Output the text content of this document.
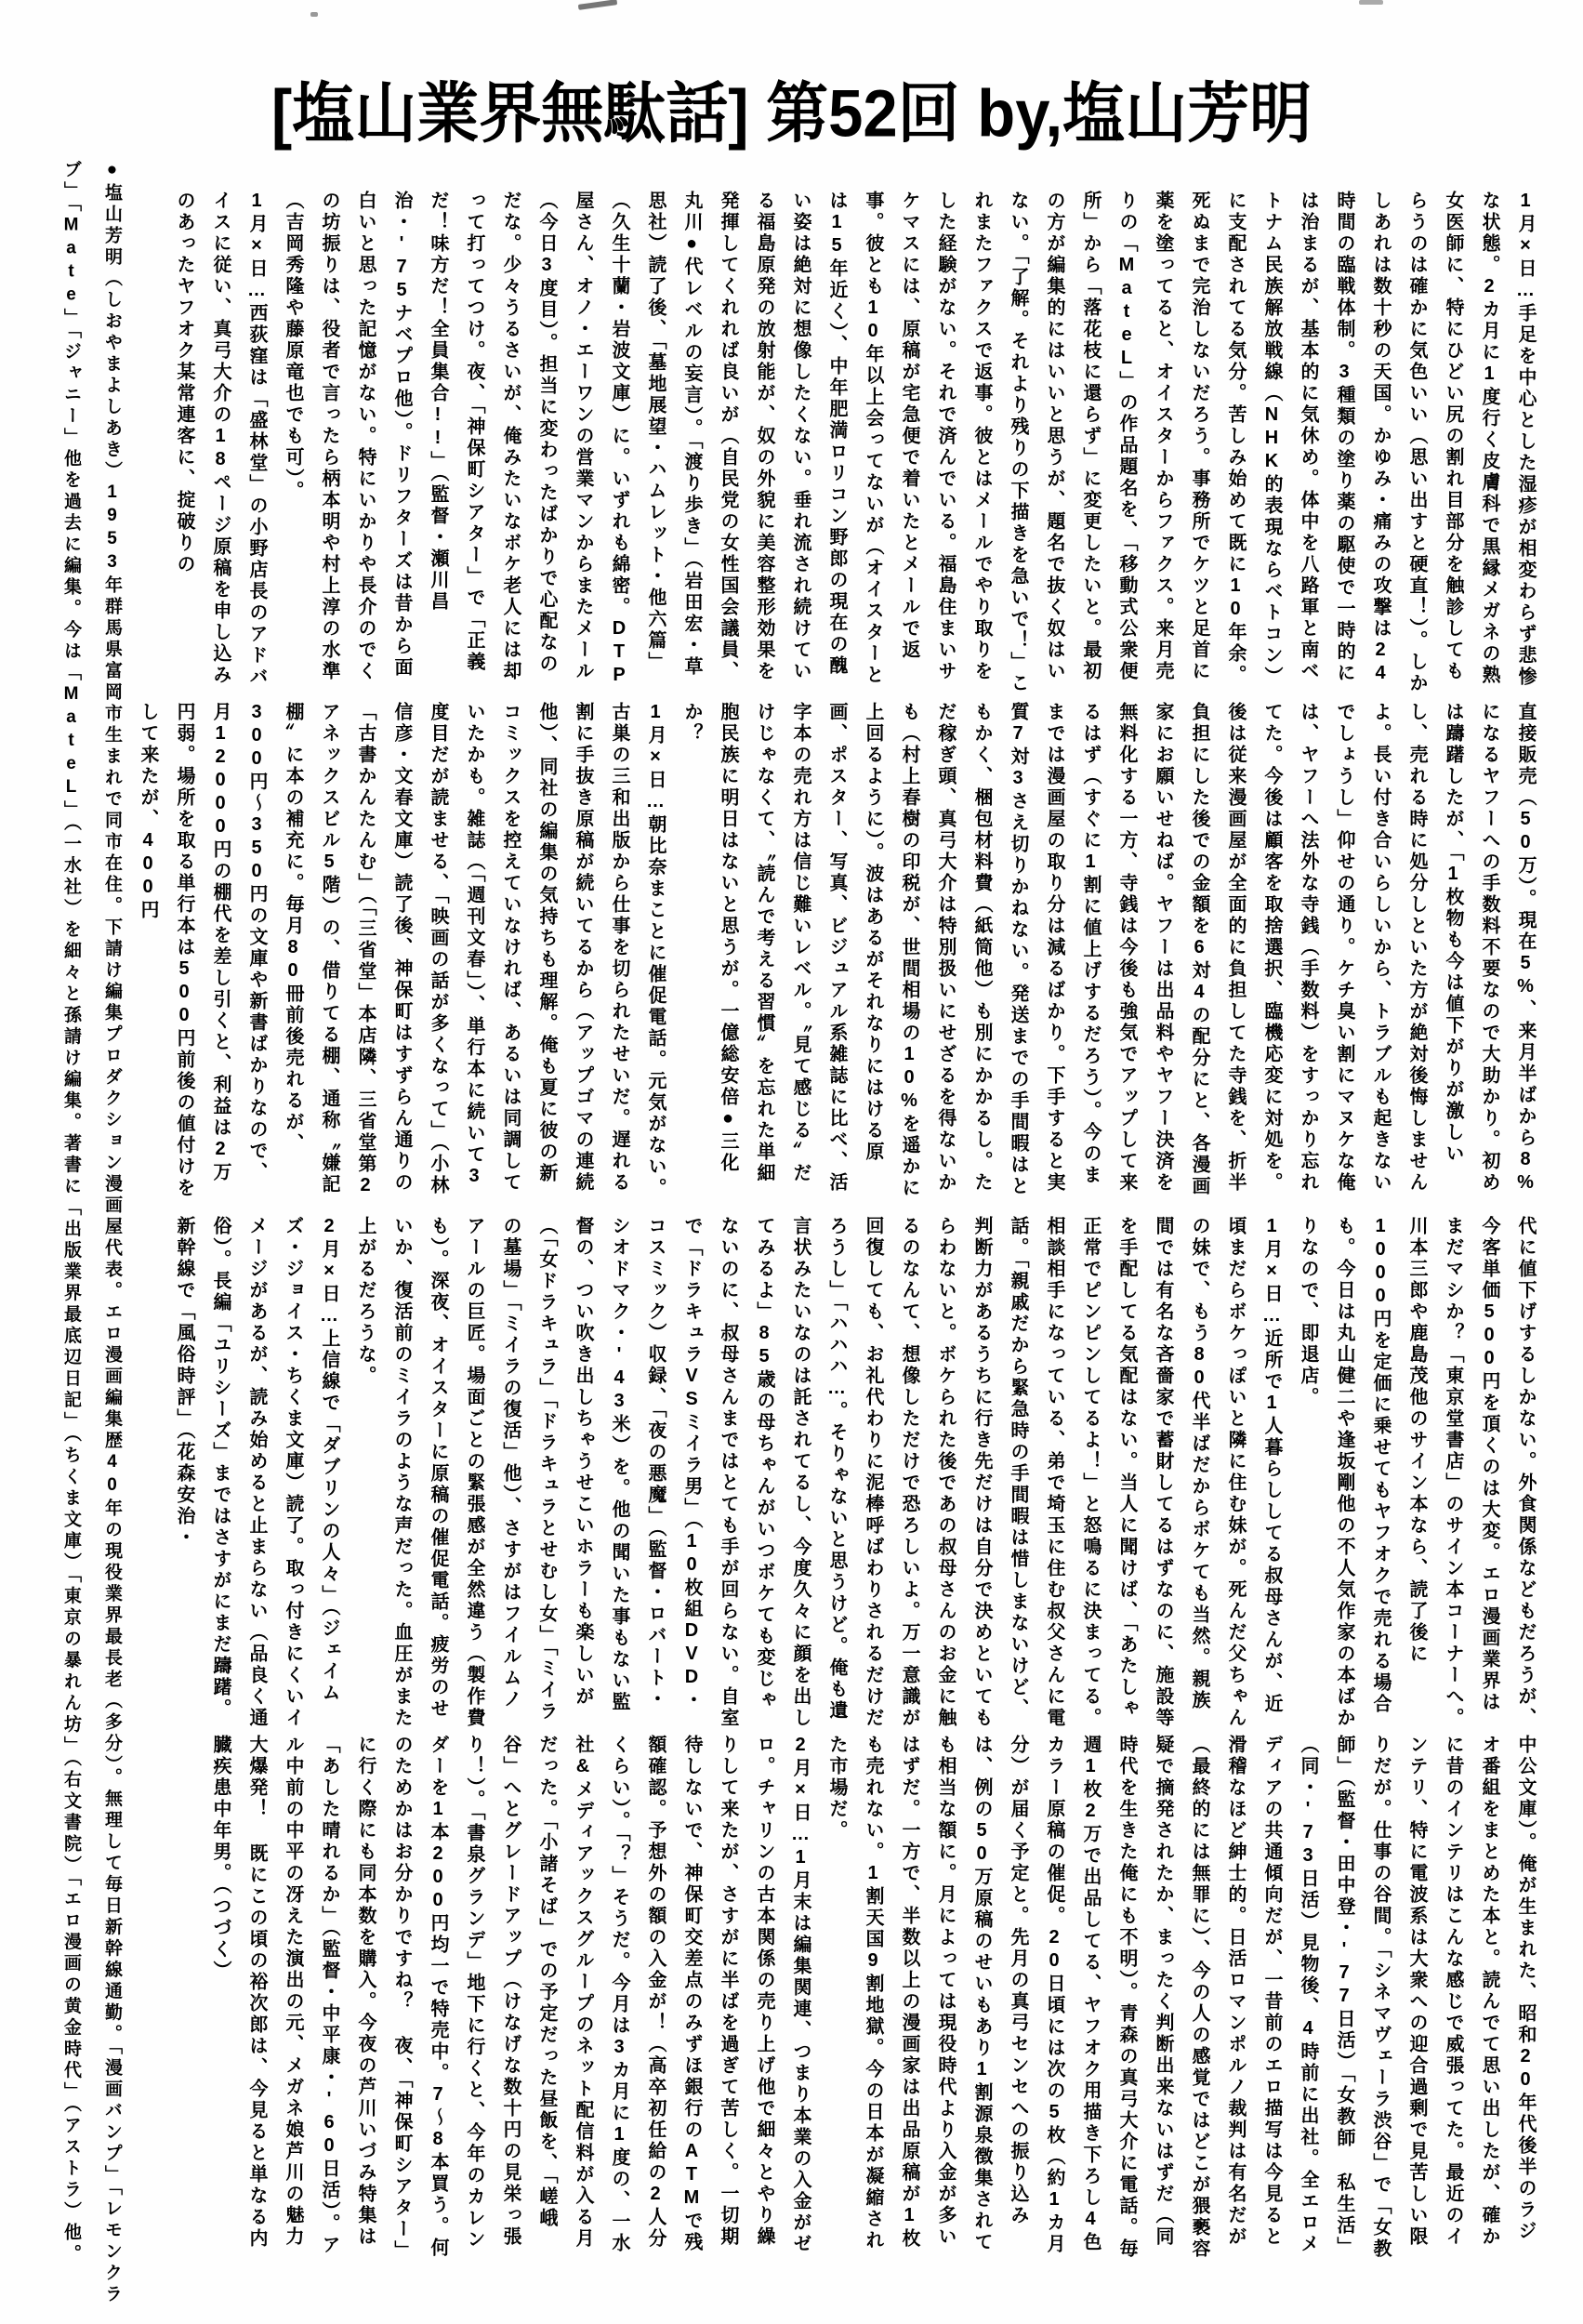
[塩山業界無駄話] 第52回 by,塩山芳明

1月×日…手足を中心とした湿疹が相変わらず悲惨な状態。2カ月に1度行く皮膚科で黒縁メガネの熟女医師に、特にひどい尻の割れ目部分を触診してもらうのは確かに気色いい（思い出すと硬直！）。しかしあれは数十秒の天国。かゆみ・痛みの攻撃は24時間の臨戦体制。3種類の塗り薬の駆使で一時的には治まるが、基本的に気休め。体中を八路軍と南ベトナム民族解放戦線（NHK的表現ならベトコン）に支配されてる気分。苦しみ始めて既に10年余。死ぬまで完治しないだろう。事務所でケツと足首に薬を塗ってると、オイスターからファクス。来月売りの「MateL」の作品題名を、「移動式公衆便所」から「落花枝に還らず」に変更したいと。最初の方が編集的にはいいと思うが、題名で抜く奴はいない。「了解。それより残りの下描きを急いで！」これまたファクスで返事。彼とはメールでやり取りをした経験がない。それで済んでいる。福島住まいサケマスには、原稿が宅急便で着いたとメールで返事。彼とも10年以上会ってないが（オイスターとは15年近く）、中年肥満ロリコン野郎の現在の醜い姿は絶対に想像したくない。垂れ流され続けている福島原発の放射能が、奴の外貌に美容整形効果を発揮してくれれば良いが（自民党の女性国会議員、丸川●代レベルの妄言）。「渡り歩き」（岩田宏・草思社）読了後、「墓地展望・ハムレット・他六篇」（久生十蘭・岩波文庫）に。いずれも綿密。DTP屋さん、オノ・エーワンの営業マンからまたメール（今日3度目）。担当に変わったばかりで心配なのだな。少々うるさいが、俺みたいなボケ老人には却って打ってつけ。夜、「神保町シアター」で「正義だ！味方だ！全員集合!!」（監督・瀬川昌治・'75ナベプロ他）。ドリフターズは昔から面白いと思った記憶がない。特にいかりや長介のでくの坊振りは、役者で言ったら柄本明や村上淳の水準（吉岡秀隆や藤原竜也でも可）。

1月×日…西荻窪は「盛林堂」の小野店長のアドバイスに従い、真弓大介の18ページ原稿を申し込みのあったヤフオク某常連客に、掟破りの

直接販売（50万）。現在5%、来月半ばから8%になるヤフーへの手数料不要なので大助かり。初めは躊躇したが、「1枚物も今は値下がりが激しいし、売れる時に処分しといた方が絶対後悔しませんよ。長い付き合いらしいから、トラブルも起きないでしょうし」仰せの通り。ケチ臭い割にマヌケな俺は、ヤフーへ法外な寺銭（手数料）をすっかり忘れてた。今後は顧客を取捨選択、臨機応変に対処を。後は従来漫画屋が全面的に負担してた寺銭を、折半負担にした後での金額を6対4の配分にと、各漫画家にお願いせねば。ヤフーは出品料やヤフー決済を無料化する一方、寺銭は今後も強気でアップして来るはず（すぐに1割に値上げするだろう）。今のままでは漫画屋の取り分は減るばかり。下手すると実質7対3さえ切りかねない。発送までの手間暇はともかく、梱包材料費（紙筒他）も別にかかるし。ただ稼ぎ頭、真弓大介は特別扱いにせざるを得ないかも（村上春樹の印税が、世間相場の10%を遥かに上回るように）。波はあるがそれなりにはける原画、ポスター、写真、ビジュアル系雑誌に比べ、活字本の売れ方は信じ難いレベル。〝見て感じる〟だけじゃなくて、〝読んで考える習慣〟を忘れた単細胞民族に明日はないと思うが。一億総安倍●三化か？

1月×日…朝比奈まことに催促電話。元気がない。古巣の三和出版から仕事を切られたせいだ。遅れる割に手抜き原稿が続いてるから（アップゴマの連続他）、同社の編集の気持ちも理解。俺も夏に彼の新コミックスを控えていなければ、あるいは同調していたかも。雑誌（「週刊文春」）、単行本に続いて3度目だが読ませる、「映画の話が多くなって」（小林信彦・文春文庫）読了後、神保町はすずらん通りの「古書かんたんむ」（「三省堂」本店隣、三省堂第2アネックスビル5階）の、借りてる棚、通称〝嫌記棚〟に本の補充に。毎月80冊前後売れるが、300円～350円の文庫や新書ばかりなので、月12000円の棚代を差し引くと、利益は2万円弱。場所を取る単行本は500円前後の値付けをして来たが、400円

代に値下げするしかない。外食関係などもだろうが、今客単価500円を頂くのは大変。エロ漫画業界はまだマシか？「東京堂書店」のサイン本コーナーへ。川本三郎や鹿島茂他のサイン本なら、読了後に1000円を定価に乗せてもヤフオクで売れる場合も。今日は丸山健二や逢坂剛他の不人気作家の本ばかりなので、即退店。

1月×日…近所で1人暮らししてる叔母さんが、近頃まだらボケっぽいと隣に住む妹が。死んだ父ちゃんの妹で、もう80代半ばだからボケても当然。親族間では有名な吝嗇家で蓄財してるはずなのに、施設等を手配してる気配はない。当人に聞けば、「あたしゃ正常でピンピンしてるよ！」と怒鳴るに決まってる。相談相手になっている、弟で埼玉に住む叔父さんに電話。「親戚だから緊急時の手間暇は惜しまないけど、判断力があるうちに行き先だけは自分で決めといてもらわないと。ボケられた後であの叔母さんのお金に触るのなんて、想像しただけで恐ろしいよ。万一意識が回復しても、お礼代わりに泥棒呼ばわりされるだけだろうし」「ハハハ…。そりゃないと思うけど。俺も遺言状みたいなのは託されてるし、今度久々に顔を出してみるよ」85歳の母ちゃんがいつボケても変じゃないのに、叔母さんまではとても手が回らない。自室で「ドラキュラVSミイラ男」（10枚組DVD・コスミック）収録、「夜の悪魔」（監督・ロバート・シオドマク・'43米）を。他の聞いた事もない監督の、つい吹き出しちゃうせこいホラーも楽しいが（「女ドラキュラ」「ドラキュラとせむし女」「ミイラの墓場」「ミイラの復活」他）、さすがはフイルムノアールの巨匠。場面ごとの緊張感が全然違う（製作費も）。深夜、オイスターに原稿の催促電話。疲労のせいか、復活前のミイラのような声だった。血圧がまた上がるだろうな。

2月×日…上信線で「ダブリンの人々」（ジェイムズ・ジョイス・ちくま文庫）読了。取っ付きにくいイメージがあるが、読み始めると止まらない（品良く通俗）。長編「ユリシーズ」まではさすがにまだ躊躇。新幹線で「風俗時評」（花森安治・

中公文庫）。俺が生まれた、昭和20年代後半のラジオ番組をまとめた本と。読んでて思い出したが、確かに昔のインテリはこんな感じで威張ってた。最近のインテリ、特に電波系は大衆への迎合過剰で見苦しい限りだが。仕事の谷間。「シネマヴェーラ渋谷」で「女教師」（監督・田中登・'77日活）「女教師 私生活」（同・'73日活）見物後、4時前に出社。全エロメディアの共通傾向だが、一昔前のエロ描写は今見ると滑稽なほど紳士的。日活ロマンポルノ裁判は有名だが（最終的には無罪に）、今の人の感覚ではどこが猥褻容疑で摘発されたか、まったく判断出来ないはずだ（同時代を生きた俺にも不明）。青森の真弓大介に電話。毎週1枚2万で出品してる、ヤフオク用描き下ろし4色カラー原稿の催促。20日頃には次の5枚（約1カ月分）が届く予定と。先月の真弓センセへの振り込みは、例の50万原稿のせいもあり1割源泉徴集されても相当な額に。月によっては現役時代より入金が多いはずだ。一方で、半数以上の漫画家は出品原稿が1枚も売れない。1割天国9割地獄。今の日本が凝縮された市場だ。

2月×日…1月末は編集関連、つまり本業の入金がゼロ。チャリンの古本関係の売り上げ他で細々とやり繰りして来たが、さすがに半ばを過ぎて苦しく。一切期待しないで、神保町交差点のみずほ銀行のATMで残額確認。予想外の額の入金が！（高卒初任給の2人分くらい）。「？」そうだ。今月は3カ月に1度の、一水社&メディアックスグループのネット配信料が入る月だった。「小諸そば」での予定だった昼飯を、「嵯峨谷」へとグレードアップ（けなげな数十円の見栄っ張り！）。「書泉グランデ」地下に行くと、今年のカレンダーを1本200円均一で特売中。7～8本買う。何のためかはお分かりですね？ 夜、「神保町シアター」に行く際にも同本数を購入。今夜の芦川いづみ特集は「あした晴れるか」（監督・中平康・'60日活）。アル中前の中平の冴えた演出の元、メガネ娘芦川の魅力大爆発！ 既にこの頃の裕次郎は、今見ると単なる内臓疾患中年男。（つづく）

●塩山芳明（しおやまよしあき）1953年群馬県富岡市生まれで同市在住。下請け編集プロダクション漫画屋代表。エロ漫画編集歴40年の現役業界最長老（多分）。無理して毎日新幹線通勤。「漫画バンプ」「レモンクラブ」「Mate」「ジャニー」他を過去に編集。今は「MateL」（一水社）を細々と孫請け編集。著書に「出版業界最底辺日記」（ちくま文庫）「東京の暴れん坊」（右文書院）「エロ漫画の黄金時代」（アストラ）他。
